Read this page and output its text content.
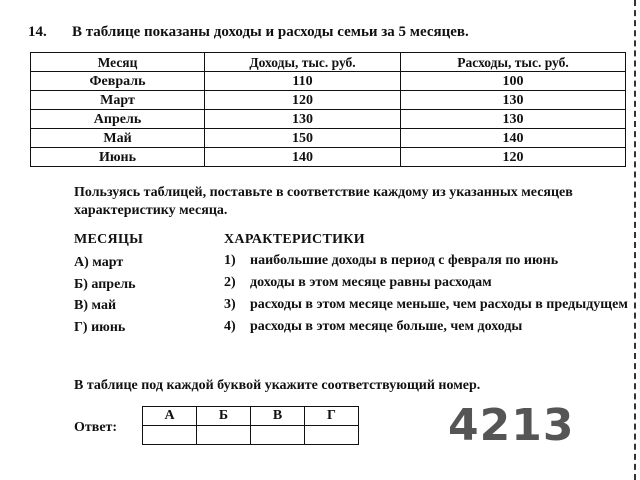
14. В таблице показаны доходы и расходы семьи за 5 месяцев.
Месяц	Доходы, тыс. руб.	Расходы, тыс. руб.
Февраль	110	100
Март	120	130
Апрель	130	130
Май	150	140
Июнь	140	120
Пользуясь таблицей, поставьте в соответствие каждому из указанных месяцев характеристику месяца.
МЕСЯЦЫ	ХАРАКТЕРИСТИКИ
А) март
Б) апрель
В) май
Г) июнь
1)	наибольшие доходы в период с февраля по июнь
2)	доходы в этом месяце равны расходам
3)	расходы в этом месяце меньше, чем расходы в предыдущем
4)	расходы в этом месяце больше, чем доходы
В таблице под каждой буквой укажите соответствующий номер.
Ответ:
А	Б	В	Г
				4213
